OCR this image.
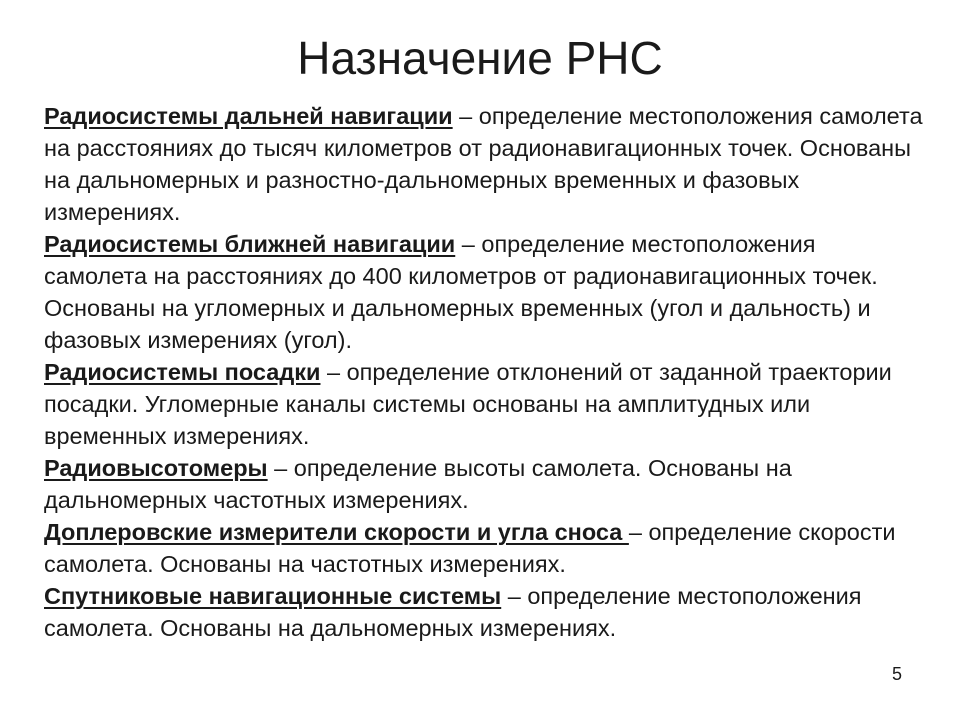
Назначение РНС

Радиосистемы дальней навигации – определение местоположения самолета на расстояниях до тысяч километров от радионавигационных точек. Основаны на дальномерных и разностно-дальномерных временных и фазовых измерениях.

Радиосистемы ближней навигации – определение местоположения самолета на расстояниях до 400 километров от радионавигационных точек. Основаны на угломерных и дальномерных временных (угол и дальность) и фазовых измерениях (угол).

Радиосистемы посадки – определение отклонений от заданной траектории посадки. Угломерные каналы системы основаны на амплитудных или временных измерениях.

Радиовысотомеры – определение высоты самолета. Основаны на дальномерных частотных измерениях.

Доплеровские измерители скорости и угла сноса – определение скорости самолета. Основаны на частотных измерениях.

Спутниковые навигационные системы – определение местоположения самолета. Основаны на дальномерных измерениях.

5
